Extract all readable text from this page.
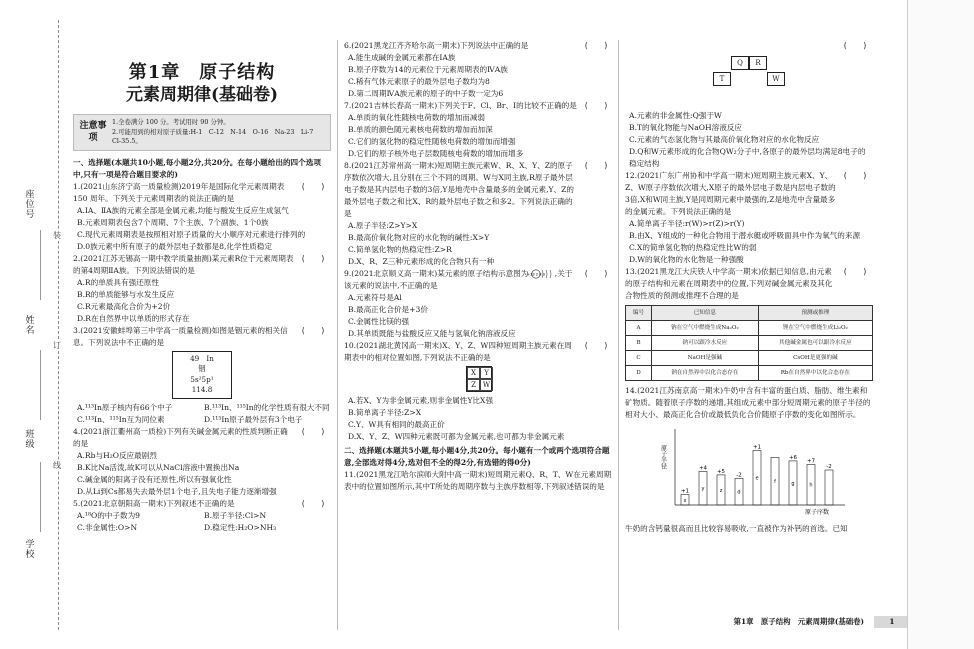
座位号
姓名
班级
学校
装
订
线
第1章　原子结构
元素周期律(基础卷)
注意事项
1.全卷满分 100 分。考试用时 90 分钟。
2.可能用到的相对原子质量:H-1　C-12　N-14　O-16　Na-23　Li-7　Cl-35.5。
一、选择题(本题共10小题,每小题2分,共20分。在每小题给出的四个选项中,只有一项是符合题目要求的)
1.(2021山东济宁高一质量检测)2019年是国际化学元素周期表 150 周年。下列关于元素周期表的说法正确的是
(　　)
A.ⅠA、ⅡA族的元素全部是金属元素,均能与酸发生反应生成氢气
B.元素周期表包含7个周期、7个主族、7个副族、1个0族
C.现代元素周期表是按照相对原子质量的大小顺序对元素进行排列的
D.0族元素中所有原子的最外层电子数都是8,化学性质稳定
2.(2021江苏无锡高一期中教学质量抽测)某元素R位于元素周期表的第4周期ⅡA族。下列说法错误的是
(　　)
A.R的单质具有强还原性
B.R的单质能够与水发生反应
C.R元素最高化合价为+2价
D.R在自然界中以单质的形式存在
3.(2021安徽蚌埠第三中学高一质量检测)如图是铟元素的相关信息。下列说法中不正确的是
(　　)
49　In
铟
5s²5p¹
114.8
A.¹¹³In原子核内有66个中子	B.¹¹³In、¹¹⁵In的化学性质有很大不同
C.¹¹³In、¹¹⁵In互为同位素	D.¹¹⁵In原子最外层有3个电子
4.(2021浙江衢州高一质检)下列有关碱金属元素的性质判断正确的是
(　　)
A.Rb与H₂O反应最剧烈
B.K比Na活泼,故K可以从NaCl溶液中置换出Na
C.碱金属的阳离子没有还原性,所以有强氧化性
D.从Li到Cs都易失去最外层1个电子,且失电子能力逐渐增强
5.(2021北京朝阳高一期末)下列叙述不正确的是	(　　)
A.¹⁸O的中子数为9	B.原子半径:Cl>N
C.非金属性:O>N	D.稳定性:H₂O>NH₃
6.(2021黑龙江齐齐哈尔高一期末)下列说法中正确的是	(　　)
A.能生成碱的金属元素都在ⅠA族
B.原子序数为14的元素位于元素周期表的ⅣA族
C.稀有气体元素原子的最外层电子数均为8
D.第二周期ⅣA族元素的原子的中子数一定为6
7.(2021吉林长春高一期末)下列关于F、Cl、Br、I的比较不正确的是 (　　)
A.单质的氧化性随核电荷数的增加而减弱
B.单质的颜色随元素核电荷数的增加而加深
C.它们的氢化物的稳定性随核电荷数的增加而增强
D.它们的原子核外电子层数随核电荷数的增加而增多
8.(2021江苏常州高一期末)短周期主族元素W、R、X、Y、Z的原子序数依次增大,且分别在三个不同的周期。W与X同主族,R原子最外层电子数是其内层电子数的3倍,Y是地壳中含量最多的金属元素,Y、Z的最外层电子数之和比X、R的最外层电子数之和多2。下列说法正确的是
(　　)
A.原子半径:Z>Y>X
B.最高价氧化物对应的水化物的碱性:X>Y
C.简单氢化物的热稳定性:Z>R
D.X、R、Z三种元素形成的化合物只有一种
9.(2021北京顺义高一期末)某元素的原子结构示意图为
+13 2 8 3 ,关于该元素的说法中,不正确的是
(　　)
A.元素符号是Al
B.最高正化合价是+3价
C.金属性比镁的强
D.其单质既能与盐酸反应又能与氢氧化钠溶液反应
10.(2021湖北黄冈高一期末)X、Y、Z、W四种短周期主族元素在周期表中的相对位置如图,下列说法不正确的是
(　　)
X	Y
Z W
A.若X、Y为非金属元素,则非金属性Y比X强
B.简单离子半径:Z>X
C.Y、W具有相同的最高正价
D.X、Y、Z、W四种元素既可都为金属元素,也可都为非金属元素
二、选择题(本题共5小题,每小题4分,共20分。每小题有一个或两个选项符合题意,全部选对得4分,选对但不全的得2分,有选错的得0分)
11.(2021黑龙江哈尔滨师大附中高一期末)短周期元素Q、R、T、W在元素周期表中的位置如图所示,其中T所处的周期序数与主族序数相等,下列叙述错误的是
(　　)
Q	R
T	W
A.元素的非金属性:Q强于W
B.T的氧化物能与NaOH溶液反应
C.元素的气态氢化物与其最高价氧化物对应的水化物反应
D.Q和W元素形成的化合物QW₂分子中,各原子的最外层均满足8电子的稳定结构
12.(2021广东广州协和中学高一期末)短周期主族元素X、Y、Z、W原子序数依次增大,X原子的最外层电子数是内层电子数的3倍,X和W同主族,Y是同周期元素中最强的,Z是地壳中含量最多的金属元素。下列说法正确的是
(　　)
A.简单离子半径:r(W)>r(Z)>r(Y)
B.由X、Y组成的一种化合物用于潜水艇或呼吸面具中作为氧气的来源
C.X的简单氢化物的热稳定性比W的弱
D.W的氧化物的水化物是一种强酸
13.(2021黑龙江大庆铁人中学高一期末)依据已知信息,由元素的原子结构和元素在周期表中的位置,下列对碱金属元素及其化合物性质的预测或推理不合理的是
(　　)
编号	已知信息	预测或推理
A	钠在空气中燃烧生成Na₂O₂	锂在空气中燃烧生成Li₂O₂
B	钠可以跟冷水反应	其他碱金属也可以跟冷水反应
C	NaOH是强碱	CsOH是更强的碱
D	钠在自然界中以化合态存在	Rb在自然界中以化合态存在
14.(2021江苏南京高一期末)牛奶中含有丰富的蛋白质、脂肪、维生素和矿物质。随着原子序数的递增,其组成元素中部分短周期元素的原子半径的相对大小、最高正化合价或最低负化合价随原子序数的变化如图所示。
原子半径
原子序数
+1
x
+4
y
+5
z
-2
d
+1
e
f
+6
g
+7
h
-2
牛奶的含钙量很高而且比较容易吸收,一直被作为补钙的首选。已知
第1章　原子结构　元素周期律(基础卷)	1
